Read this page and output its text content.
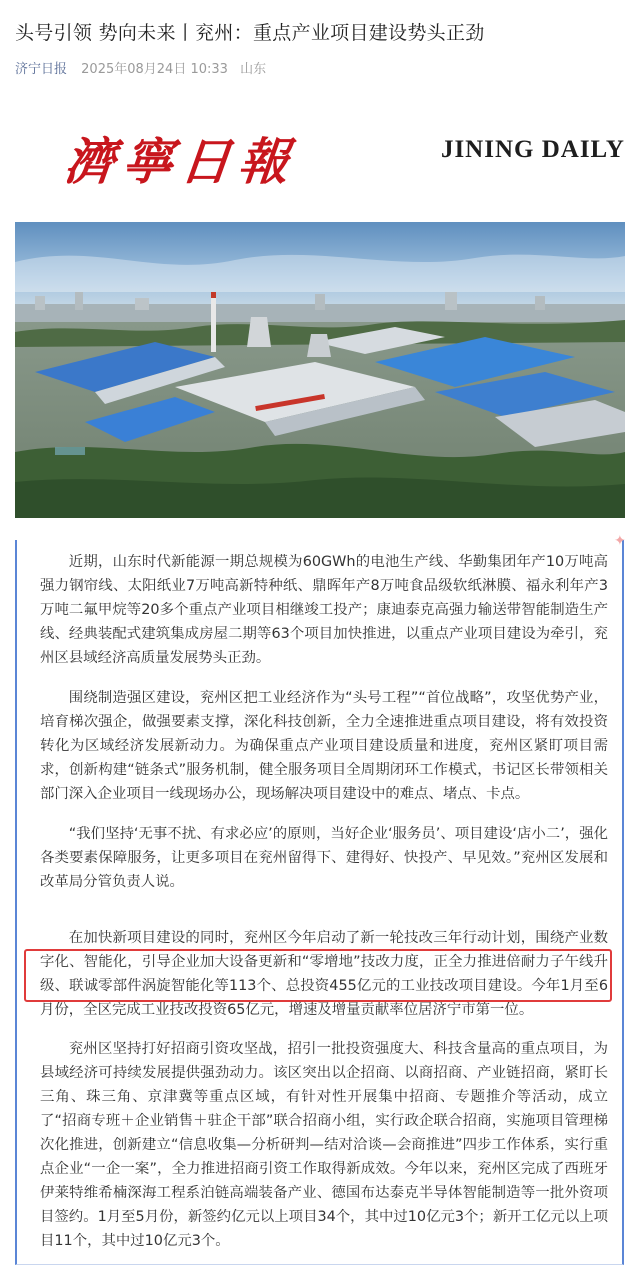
头号引领 势向未来丨兖州：重点产业项目建设势头正劲
济宁日报 2025年08月24日 10:33 山东
濟寧日報	JINING DAILY
✦

近期，山东时代新能源一期总规模为60GWh的电池生产线、华勤集团年产10万吨高强力钢帘线、太阳纸业7万吨高新特种纸、鼎晖年产8万吨食品级软纸淋膜、福永利年产3万吨二氟甲烷等20多个重点产业项目相继竣工投产；康迪泰克高强力输送带智能制造生产线、经典装配式建筑集成房屋二期等63个项目加快推进，以重点产业项目建设为牵引，兖州区县域经济高质量发展势头正劲。

围绕制造强区建设，兖州区把工业经济作为“头号工程”“首位战略”，攻坚优势产业，培育梯次强企，做强要素支撑，深化科技创新，全力全速推进重点项目建设，将有效投资转化为区域经济发展新动力。为确保重点产业项目建设质量和进度，兖州区紧盯项目需求，创新构建“链条式”服务机制，健全服务项目全周期闭环工作模式，书记区长带领相关部门深入企业项目一线现场办公，现场解决项目建设中的难点、堵点、卡点。

“我们坚持‘无事不扰、有求必应’的原则，当好企业‘服务员’、项目建设‘店小二’，强化各类要素保障服务，让更多项目在兖州留得下、建得好、快投产、早见效。”兖州区发展和改革局分管负责人说。

在加快新项目建设的同时，兖州区今年启动了新一轮技改三年行动计划，围绕产业数字化、智能化，引导企业加大设备更新和“零增地”技改力度，正全力推进倍耐力子午线升级、联诚零部件涡旋智能化等113个、总投资455亿元的工业技改项目建设。今年1月至6月份，全区完成工业技改投资65亿元，增速及增量贡献率位居济宁市第一位。

兖州区坚持打好招商引资攻坚战，招引一批投资强度大、科技含量高的重点项目，为县域经济可持续发展提供强劲动力。该区突出以企招商、以商招商、产业链招商，紧盯长三角、珠三角、京津冀等重点区域，有针对性开展集中招商、专题推介等活动，成立了“招商专班＋企业销售＋驻企干部”联合招商小组，实行政企联合招商，实施项目管理梯次化推进，创新建立“信息收集—分析研判—结对洽谈—会商推进”四步工作体系，实行重点企业“一企一案”，全力推进招商引资工作取得新成效。今年以来，兖州区完成了西班牙伊莱特维希楠深海工程系泊链高端装备产业、德国布达泰克半导体智能制造等一批外资项目签约。1月至5月份，新签约亿元以上项目34个，其中过10亿元3个；新开工亿元以上项目11个，其中过10亿元3个。
